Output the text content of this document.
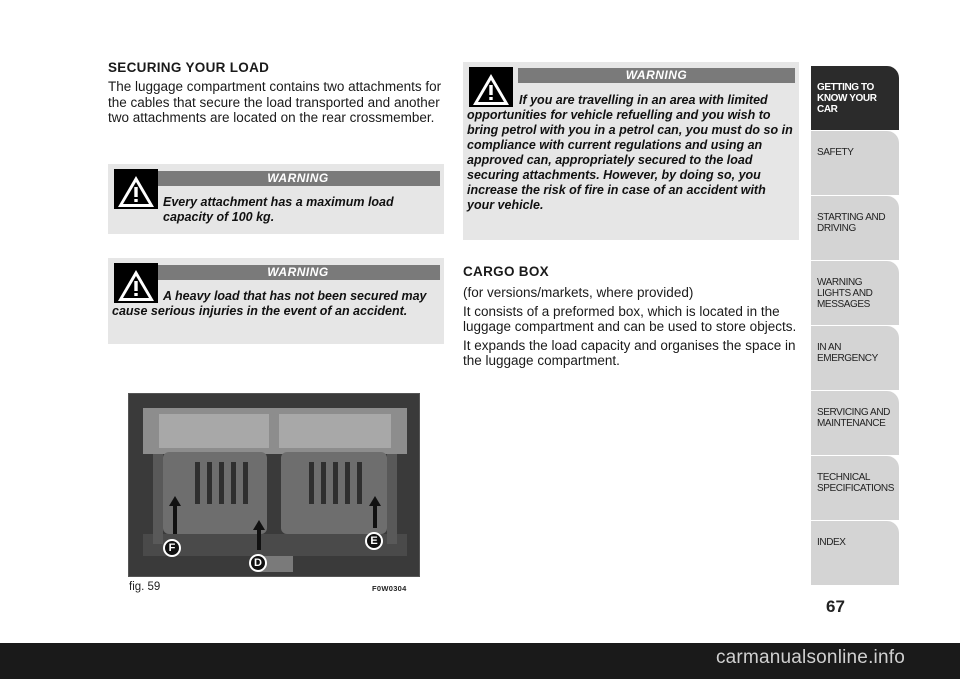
SECURING YOUR LOAD
The luggage compartment contains two attachments for the cables that secure the load transported and another two attachments are located on the rear crossmember.
WARNING
Every attachment has a maximum load capacity of 100 kg.
WARNING
A heavy load that has not been secured may cause serious injuries in the event of an accident.
WARNING
If you are travelling in an area with limited opportunities for vehicle refuelling and you wish to bring petrol with you in a petrol can, you must do so in compliance with current regulations and using an approved can, appropriately secured to the load securing attachments. However, by doing so, you increase the risk of fire in case of an accident with your vehicle.
CARGO BOX
(for versions/markets, where provided)
It consists of a preformed box, which is located in the luggage compartment and can be used to store objects.
It expands the load capacity and organises the space in the luggage compartment.
F
D
E
fig. 59	F0W0304
GETTING TO KNOW YOUR CAR
SAFETY
STARTING AND DRIVING
WARNING LIGHTS AND MESSAGES
IN AN EMERGENCY
SERVICING AND MAINTENANCE
TECHNICAL SPECIFICATIONS
INDEX
67
carmanualsonline.info
